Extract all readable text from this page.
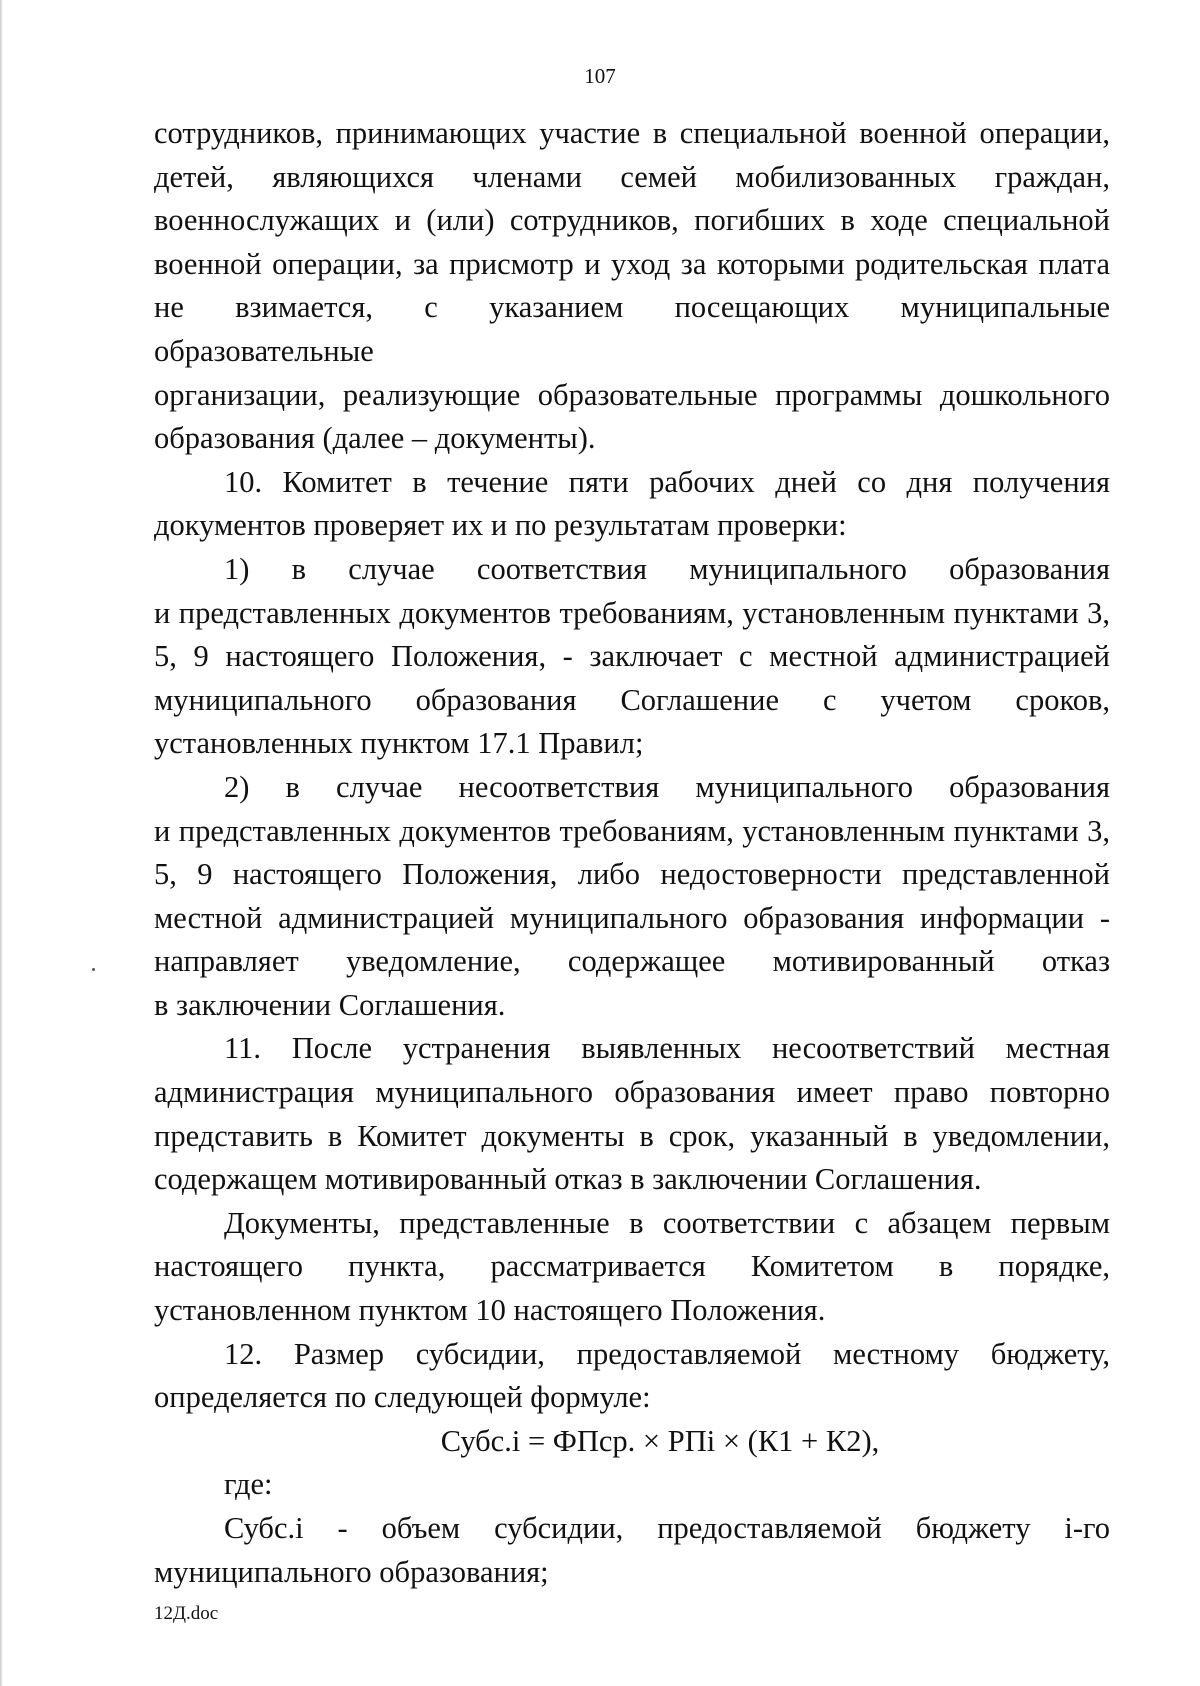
107
сотрудников, принимающих участие в специальной военной операции,
детей, являющихся членами семей мобилизованных граждан,
военнослужащих и (или) сотрудников, погибших в ходе специальной
военной операции, за присмотр и уход за которыми родительская плата
не взимается, с указанием посещающих муниципальные образовательные
организации, реализующие образовательные программы дошкольного
образования (далее – документы).
10. Комитет в течение пяти рабочих дней со дня получения
документов проверяет их и по результатам проверки:
1) в случае соответствия муниципального образования
и представленных документов требованиям, установленным пунктами 3,
5, 9 настоящего Положения, - заключает с местной администрацией
муниципального образования Соглашение с учетом сроков,
установленных пунктом 17.1 Правил;
2) в случае несоответствия муниципального образования
и представленных документов требованиям, установленным пунктами 3,
5, 9 настоящего Положения, либо недостоверности представленной
местной администрацией муниципального образования информации -
направляет уведомление, содержащее мотивированный отказ
в заключении Соглашения.
11. После устранения выявленных несоответствий местная
администрация муниципального образования имеет право повторно
представить в Комитет документы в срок, указанный в уведомлении,
содержащем мотивированный отказ в заключении Соглашения.
Документы, представленные в соответствии с абзацем первым
настоящего пункта, рассматривается Комитетом в порядке,
установленном пунктом 10 настоящего Положения.
12. Размер субсидии, предоставляемой местному бюджету,
определяется по следующей формуле:

Субс.i = ФПср. × РПi × (К1 + К2),

где:

Субс.i - объем субсидии, предоставляемой бюджету i-го
муниципального образования;
12Д.doc
